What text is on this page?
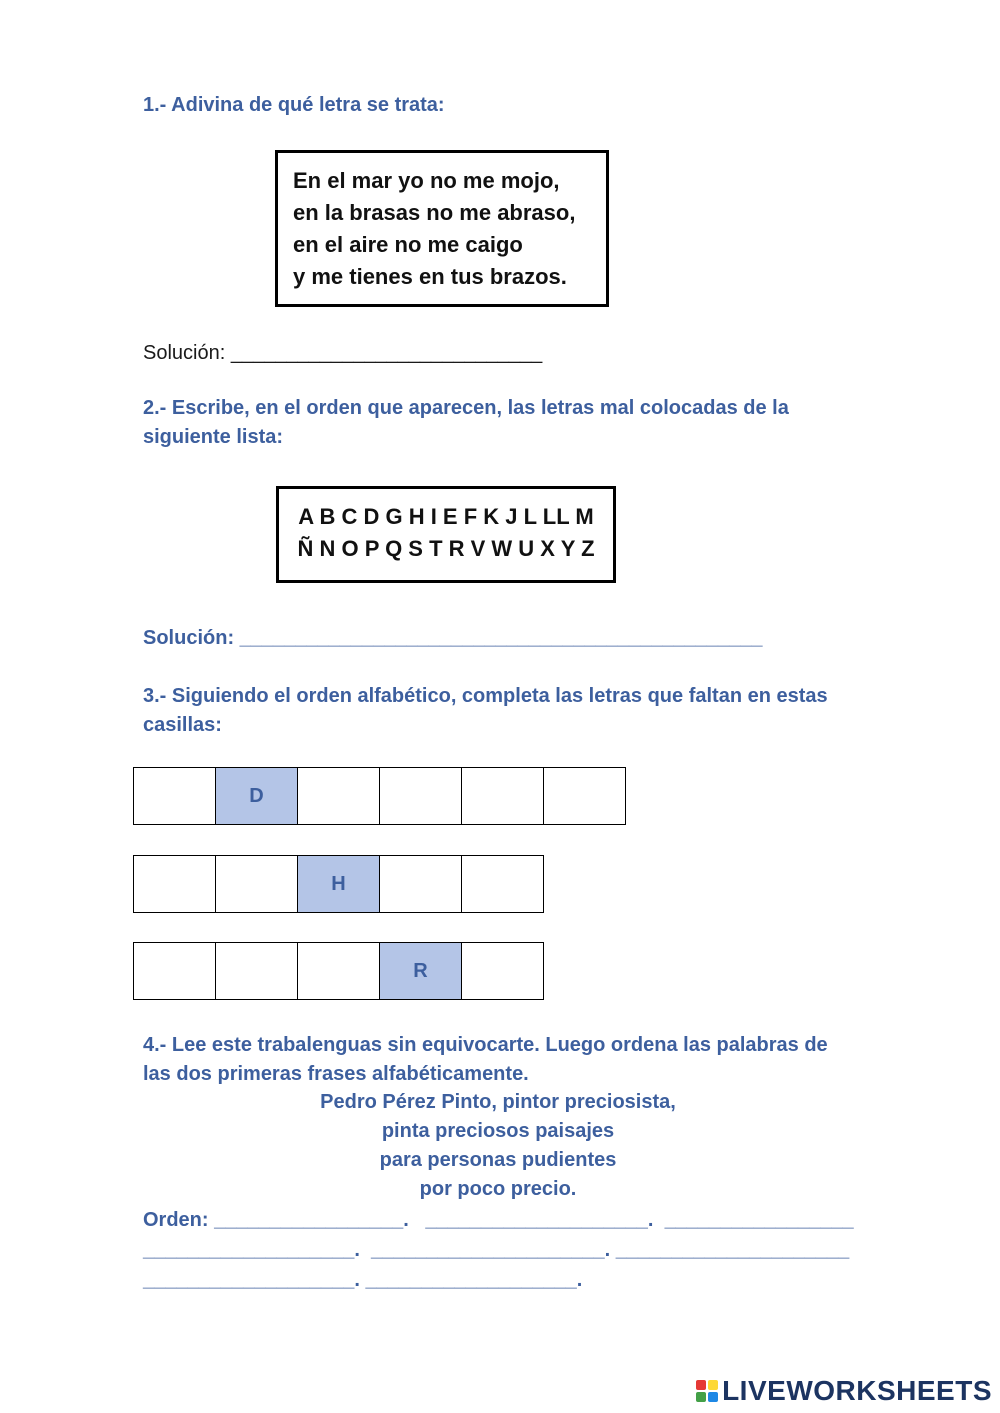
1.- Adivina de qué letra se trata:
En el mar yo no me mojo,
en la brasas no me abraso,
en el aire no me caigo
y me tienes en tus brazos.
Solución: ____________________________
2.- Escribe, en el orden que aparecen, las letras mal colocadas de la
siguiente lista:
A B C D G H I E F K J L LL M
Ñ N O P Q S T R V W U X Y Z
Solución: _______________________________________________
3.- Siguiendo el orden alfabético, completa las letras que faltan en estas
casillas:
D
H
R
4.- Lee este trabalenguas sin equivocarte. Luego ordena las palabras de
las dos primeras frases alfabéticamente.
Pedro Pérez Pinto, pintor preciosista,
pinta preciosos paisajes
para personas pudientes
por poco precio.
Orden: _________________.   ____________________.  _________________
___________________.  _____________________. _____________________
___________________. ___________________.
LIVEWORKSHEETS
